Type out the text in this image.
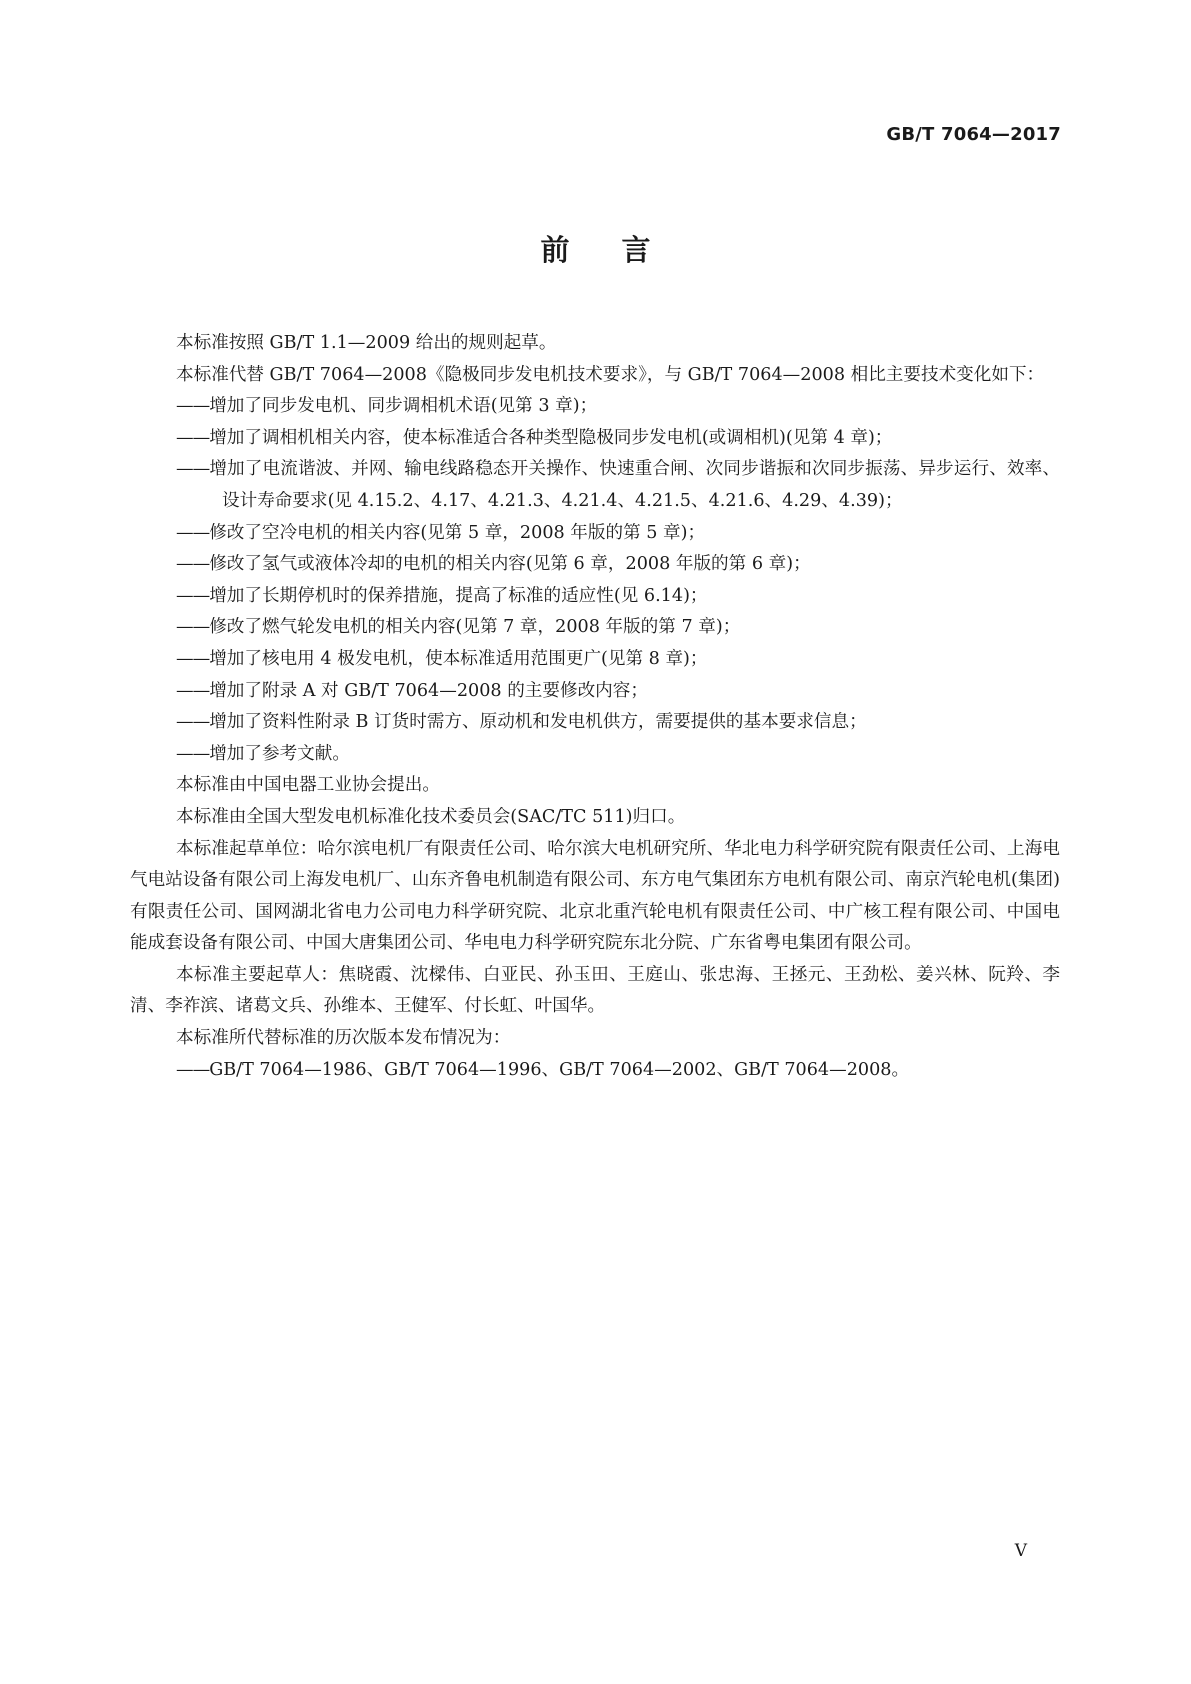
GB/T 7064—2017
前言

本标准按照 GB/T 1.1—2009 给出的规则起草。

本标准代替 GB/T 7064—2008《隐极同步发电机技术要求》，与 GB/T 7064—2008 相比主要技术变化如下：

——增加了同步发电机、同步调相机术语(见第 3 章)；

——增加了调相机相关内容，使本标准适合各种类型隐极同步发电机(或调相机)(见第 4 章)；

——增加了电流谐波、并网、输电线路稳态开关操作、快速重合闸、次同步谐振和次同步振荡、异步运行、效率、设计寿命要求(见 4.15.2、4.17、4.21.3、4.21.4、4.21.5、4.21.6、4.29、4.39)；

——修改了空冷电机的相关内容(见第 5 章，2008 年版的第 5 章)；

——修改了氢气或液体冷却的电机的相关内容(见第 6 章，2008 年版的第 6 章)；

——增加了长期停机时的保养措施，提高了标准的适应性(见 6.14)；

——修改了燃气轮发电机的相关内容(见第 7 章，2008 年版的第 7 章)；

——增加了核电用 4 极发电机，使本标准适用范围更广(见第 8 章)；

——增加了附录 A 对 GB/T 7064—2008 的主要修改内容；

——增加了资料性附录 B 订货时需方、原动机和发电机供方，需要提供的基本要求信息；

——增加了参考文献。

本标准由中国电器工业协会提出。

本标准由全国大型发电机标准化技术委员会(SAC/TC 511)归口。

本标准起草单位：哈尔滨电机厂有限责任公司、哈尔滨大电机研究所、华北电力科学研究院有限责任公司、上海电气电站设备有限公司上海发电机厂、山东齐鲁电机制造有限公司、东方电气集团东方电机有限公司、南京汽轮电机(集团)有限责任公司、国网湖北省电力公司电力科学研究院、北京北重汽轮电机有限责任公司、中广核工程有限公司、中国电能成套设备有限公司、中国大唐集团公司、华电电力科学研究院东北分院、广东省粤电集团有限公司。

本标准主要起草人：焦晓霞、沈樑伟、白亚民、孙玉田、王庭山、张忠海、王拯元、王劲松、姜兴林、阮羚、李清、李祚滨、诸葛文兵、孙维本、王健军、付长虹、叶国华。

本标准所代替标准的历次版本发布情况为：

——GB/T 7064—1986、GB/T 7064—1996、GB/T 7064—2002、GB/T 7064—2008。

V
